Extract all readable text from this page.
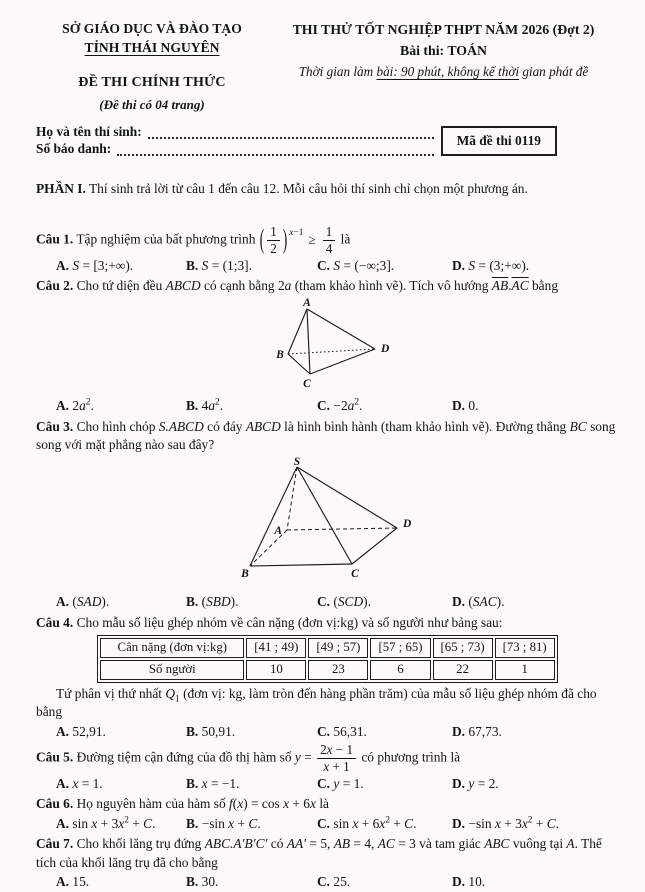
SỞ GIÁO DỤC VÀ ĐÀO TẠO
TỈNH THÁI NGUYÊN
ĐỀ THI CHÍNH THỨC
(Đề thi có 04 trang)
THI THỬ TỐT NGHIỆP THPT NĂM 2026 (Đợt 2)
Bài thi: TOÁN
Thời gian làm bài: 90 phút, không kể thời gian phát đề
Họ và tên thí sinh:
Số báo danh:
Mã đề thi 0119
PHẦN I. Thí sinh trả lời từ câu 1 đến câu 12. Mỗi câu hỏi thí sinh chỉ chọn một phương án.
Câu 1. Tập nghiệm của bất phương trình ( $\frac{1}{2}$ ) $^{x-1} \ge \frac{1}{4}$ là
A. S = [3;+∞).	B. S = (1;3].	C. S = (−∞;3].	D. S = (3;+∞).
Câu 2. Cho tứ diện đều ABCD có cạnh bằng 2a (tham khảo hình vẽ). Tích vô hướng $\overline{AB}.\overline{AC}$ bằng
A
B
C
D
A. $2a^2$.	B. $4a^2$.	C. $-2a^2$.	D. 0.
Câu 3. Cho hình chóp S.ABCD có đáy ABCD là hình bình hành (tham khảo hình vẽ). Đường thẳng BC song song với mặt phẳng nào sau đây?
S
A
B	C
D
A. (SAD).	B. (SBD).	C. (SCD).	D. (SAC).
Câu 4. Cho mẫu số liệu ghép nhóm về cân nặng (đơn vị:kg) và số người như bảng sau:
Cân nặng (đơn vị:kg)	[41 ; 49)	[49 ; 57)	[57 ; 65)	[65 ; 73)	[73 ; 81)
Số người	10	23	6	22	1
Tứ phân vị thứ nhất $Q_1$ (đơn vị: kg, làm tròn đến hàng phần trăm) của mẫu số liệu ghép nhóm đã cho bằng
A. 52,91.	B. 50,91.	C. 56,31.	D. 67,73.
Câu 5. Đường tiệm cận đứng của đồ thị hàm số $y = \frac{2x - 1}{x + 1}$ có phương trình là
A. x = 1.	B. x = −1.	C. y = 1.	D. y = 2.
Câu 6. Họ nguyên hàm của hàm số f(x) = cos x + 6x là
A. $\sin x + 3x^2 + C$.	B. −sin x + C.	C. $\sin x + 6x^2 + C$.	D. −sin $x + 3x^2 + C$.
Câu 7. Cho khối lăng trụ đứng ABC.A′B′C′ có AA′ = 5, AB = 4, AC = 3 và tam giác ABC vuông tại A. Thể tích của khối lăng trụ đã cho bằng
A. 15.	B. 30.	C. 25.	D. 10.
